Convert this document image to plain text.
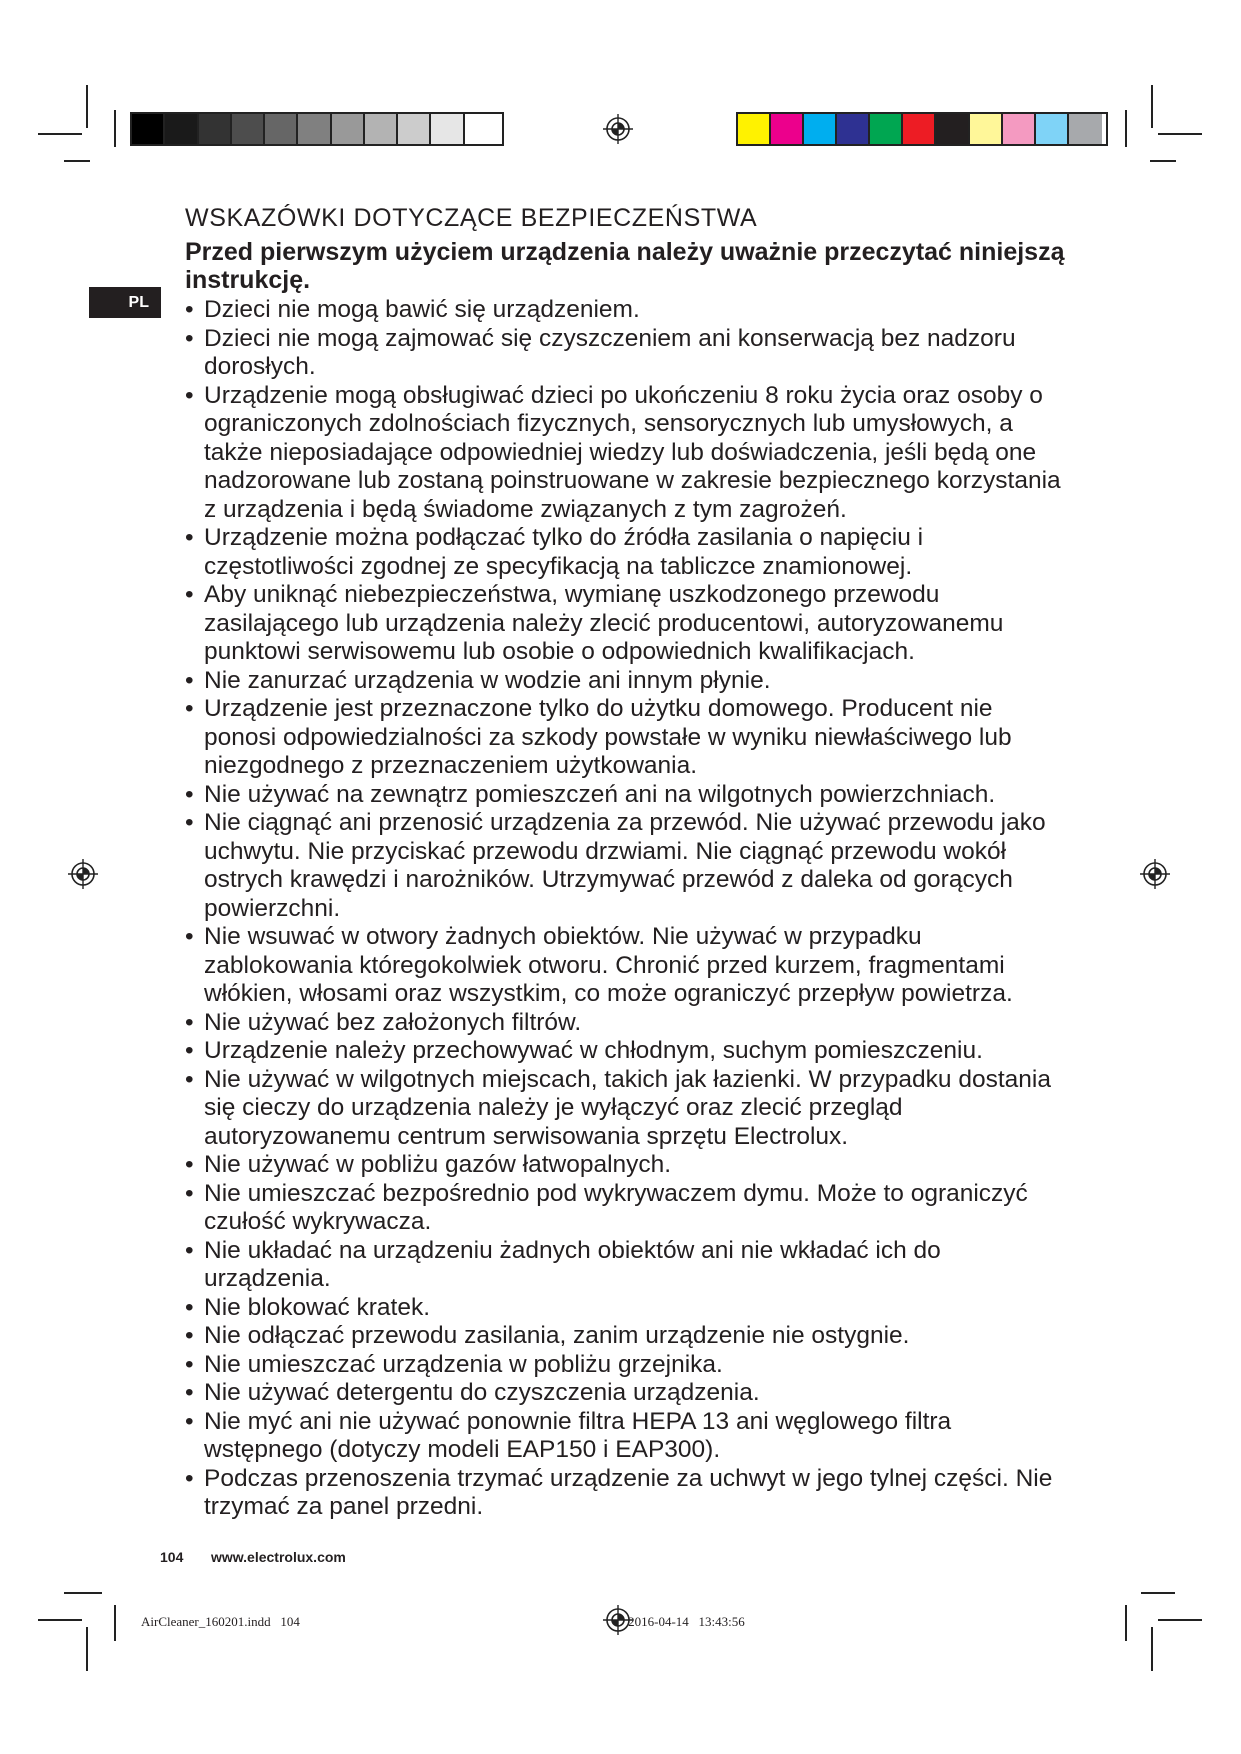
PL
WSKAZÓWKI DOTYCZĄCE BEZPIECZEŃSTWA

Przed pierwszym użyciem urządzenia należy uważnie przeczytać niniejszą instrukcję.

• Dzieci nie mogą bawić się urządzeniem.
• Dzieci nie mogą zajmować się czyszczeniem ani konserwacją bez nadzoru dorosłych.
• Urządzenie mogą obsługiwać dzieci po ukończeniu 8 roku życia oraz osoby o ograniczonych zdolnościach fizycznych, sensorycznych lub umysłowych, a także nieposiadające odpowiedniej wiedzy lub doświadczenia, jeśli będą one nadzorowane lub zostaną poinstruowane w zakresie bezpiecznego korzystania z urządzenia i będą świadome związanych z tym zagrożeń.
• Urządzenie można podłączać tylko do źródła zasilania o napięciu i częstotliwości zgodnej ze specyfikacją na tabliczce znamionowej.
• Aby uniknąć niebezpieczeństwa, wymianę uszkodzonego przewodu zasilającego lub urządzenia należy zlecić producentowi, autoryzowanemu punktowi serwisowemu lub osobie o odpowiednich kwalifikacjach.
• Nie zanurzać urządzenia w wodzie ani innym płynie.
• Urządzenie jest przeznaczone tylko do użytku domowego. Producent nie ponosi odpowiedzialności za szkody powstałe w wyniku niewłaściwego lub niezgodnego z przeznaczeniem użytkowania.
• Nie używać na zewnątrz pomieszczeń ani na wilgotnych powierzchniach.
• Nie ciągnąć ani przenosić urządzenia za przewód. Nie używać przewodu jako uchwytu. Nie przyciskać przewodu drzwiami. Nie ciągnąć przewodu wokół ostrych krawędzi i narożników. Utrzymywać przewód z daleka od gorących powierzchni.
• Nie wsuwać w otwory żadnych obiektów. Nie używać w przypadku zablokowania któregokolwiek otworu. Chronić przed kurzem, fragmentami włókien, włosami oraz wszystkim, co może ograniczyć przepływ powietrza.
• Nie używać bez założonych filtrów.
• Urządzenie należy przechowywać w chłodnym, suchym pomieszczeniu.
• Nie używać w wilgotnych miejscach, takich jak łazienki. W przypadku dostania się cieczy do urządzenia należy je wyłączyć oraz zlecić przegląd autoryzowanemu centrum serwisowania sprzętu Electrolux.
• Nie używać w pobliżu gazów łatwopalnych.
• Nie umieszczać bezpośrednio pod wykrywaczem dymu. Może to ograniczyć czułość wykrywacza.
• Nie układać na urządzeniu żadnych obiektów ani nie wkładać ich do urządzenia.
• Nie blokować kratek.
• Nie odłączać przewodu zasilania, zanim urządzenie nie ostygnie.
• Nie umieszczać urządzenia w pobliżu grzejnika.
• Nie używać detergentu do czyszczenia urządzenia.
• Nie myć ani nie używać ponownie filtra HEPA 13 ani węglowego filtra wstępnego (dotyczy modeli EAP150 i EAP300).
• Podczas przenoszenia trzymać urządzenie za uchwyt w jego tylnej części. Nie trzymać za panel przedni.
104 www.electrolux.com
AirCleaner_160201.indd   104                                                                                                     2016-04-14   13:43:56
